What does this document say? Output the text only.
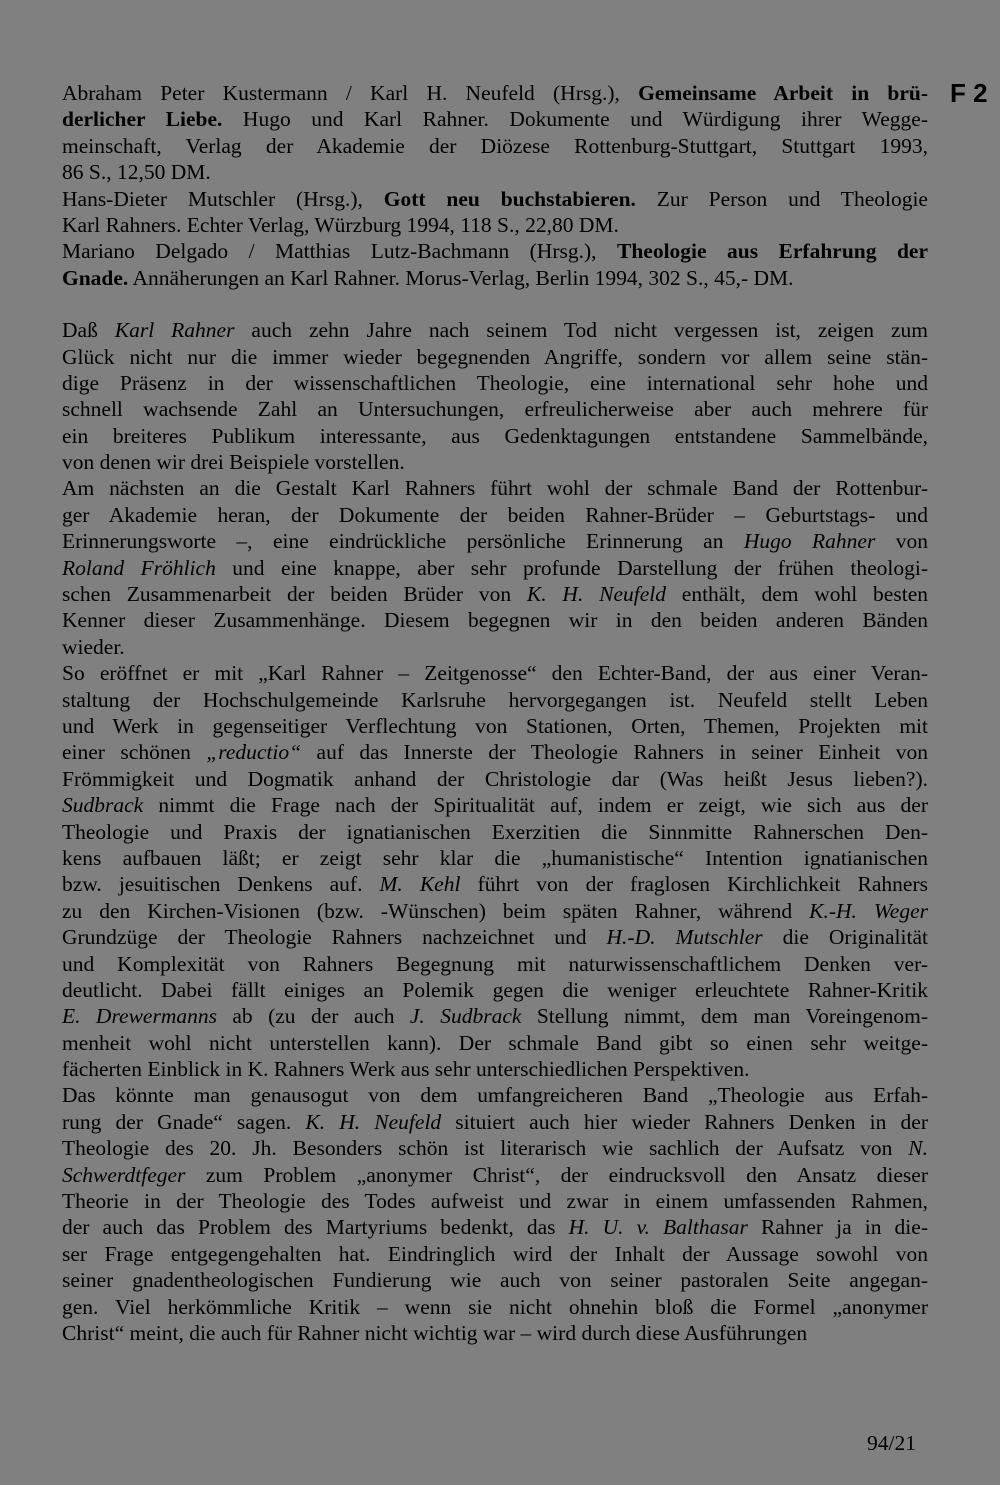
F 2
Abraham Peter Kustermann / Karl H. Neufeld (Hrsg.), Gemeinsame Arbeit in brü-
derlicher Liebe. Hugo und Karl Rahner. Dokumente und Würdigung ihrer Wegge-
meinschaft, Verlag der Akademie der Diözese Rottenburg-Stuttgart, Stuttgart 1993,
86 S., 12,50 DM.
Hans-Dieter Mutschler (Hrsg.), Gott neu buchstabieren. Zur Person und Theologie
Karl Rahners. Echter Verlag, Würzburg 1994, 118 S., 22,80 DM.
Mariano Delgado / Matthias Lutz-Bachmann (Hrsg.), Theologie aus Erfahrung der
Gnade. Annäherungen an Karl Rahner. Morus-Verlag, Berlin 1994, 302 S., 45,- DM.
Daß Karl Rahner auch zehn Jahre nach seinem Tod nicht vergessen ist, zeigen zum
Glück nicht nur die immer wieder begegnenden Angriffe, sondern vor allem seine stän-
dige Präsenz in der wissenschaftlichen Theologie, eine international sehr hohe und
schnell wachsende Zahl an Untersuchungen, erfreulicherweise aber auch mehrere für
ein breiteres Publikum interessante, aus Gedenktagungen entstandene Sammelbände,
von denen wir drei Beispiele vorstellen.
Am nächsten an die Gestalt Karl Rahners führt wohl der schmale Band der Rottenbur-
ger Akademie heran, der Dokumente der beiden Rahner-Brüder – Geburtstags- und
Erinnerungsworte –, eine eindrückliche persönliche Erinnerung an Hugo Rahner von
Roland Fröhlich und eine knappe, aber sehr profunde Darstellung der frühen theologi-
schen Zusammenarbeit der beiden Brüder von K. H. Neufeld enthält, dem wohl besten
Kenner dieser Zusammenhänge. Diesem begegnen wir in den beiden anderen Bänden
wieder.
So eröffnet er mit „Karl Rahner – Zeitgenosse“ den Echter-Band, der aus einer Veran-
staltung der Hochschulgemeinde Karlsruhe hervorgegangen ist. Neufeld stellt Leben
und Werk in gegenseitiger Verflechtung von Stationen, Orten, Themen, Projekten mit
einer schönen „reductio“ auf das Innerste der Theologie Rahners in seiner Einheit von
Frömmigkeit und Dogmatik anhand der Christologie dar (Was heißt Jesus lieben?).
Sudbrack nimmt die Frage nach der Spiritualität auf, indem er zeigt, wie sich aus der
Theologie und Praxis der ignatianischen Exerzitien die Sinnmitte Rahnerschen Den-
kens aufbauen läßt; er zeigt sehr klar die „humanistische“ Intention ignatianischen
bzw. jesuitischen Denkens auf. M. Kehl führt von der fraglosen Kirchlichkeit Rahners
zu den Kirchen-Visionen (bzw. -Wünschen) beim späten Rahner, während K.-H. Weger
Grundzüge der Theologie Rahners nachzeichnet und H.-D. Mutschler die Originalität
und Komplexität von Rahners Begegnung mit naturwissenschaftlichem Denken ver-
deutlicht. Dabei fällt einiges an Polemik gegen die weniger erleuchtete Rahner-Kritik
E. Drewermanns ab (zu der auch J. Sudbrack Stellung nimmt, dem man Voreingenom-
menheit wohl nicht unterstellen kann). Der schmale Band gibt so einen sehr weitge-
fächerten Einblick in K. Rahners Werk aus sehr unterschiedlichen Perspektiven.
Das könnte man genausogut von dem umfangreicheren Band „Theologie aus Erfah-
rung der Gnade“ sagen. K. H. Neufeld situiert auch hier wieder Rahners Denken in der
Theologie des 20. Jh. Besonders schön ist literarisch wie sachlich der Aufsatz von N.
Schwerdtfeger zum Problem „anonymer Christ“, der eindrucksvoll den Ansatz dieser
Theorie in der Theologie des Todes aufweist und zwar in einem umfassenden Rahmen,
der auch das Problem des Martyriums bedenkt, das H. U. v. Balthasar Rahner ja in die-
ser Frage entgegengehalten hat. Eindringlich wird der Inhalt der Aussage sowohl von
seiner gnadentheologischen Fundierung wie auch von seiner pastoralen Seite angegan-
gen. Viel herkömmliche Kritik – wenn sie nicht ohnehin bloß die Formel „anonymer
Christ“ meint, die auch für Rahner nicht wichtig war – wird durch diese Ausführungen
94/21
